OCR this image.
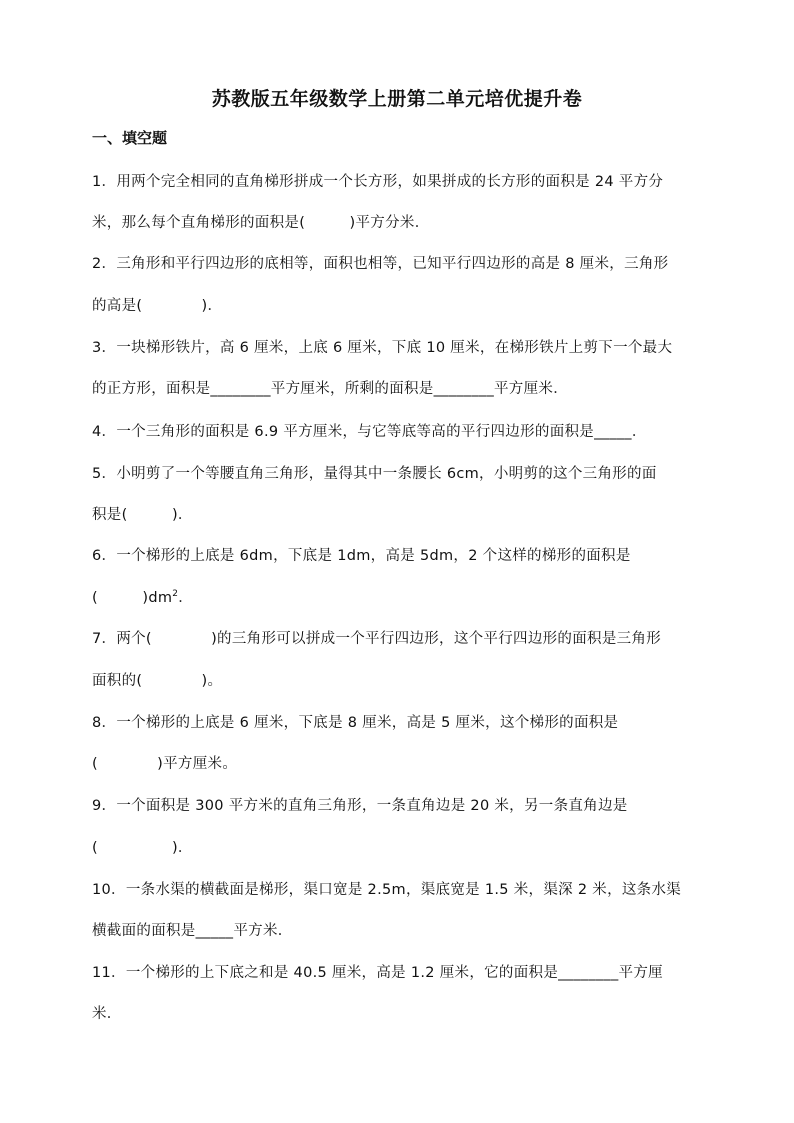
苏教版五年级数学上册第二单元培优提升卷
一、填空题
1．用两个完全相同的直角梯形拼成一个长方形，如果拼成的长方形的面积是 24 平方分
米，那么每个直角梯形的面积是(　　　)平方分米．
2．三角形和平行四边形的底相等，面积也相等，已知平行四边形的高是 8 厘米，三角形
的高是(　　　　)．
3．一块梯形铁片，高 6 厘米，上底 6 厘米，下底 10 厘米，在梯形铁片上剪下一个最大
的正方形，面积是________平方厘米，所剩的面积是________平方厘米．
4．一个三角形的面积是 6.9 平方厘米，与它等底等高的平行四边形的面积是_____．
5．小明剪了一个等腰直角三角形，量得其中一条腰长 6cm，小明剪的这个三角形的面
积是(　　　)．
6．一个梯形的上底是 6dm，下底是 1dm，高是 5dm，2 个这样的梯形的面积是
(　　　)$dm^2$．
7．两个(　　　　)的三角形可以拼成一个平行四边形，这个平行四边形的面积是三角形
面积的(　　　　)。
8．一个梯形的上底是 6 厘米，下底是 8 厘米，高是 5 厘米，这个梯形的面积是
(　　　　)平方厘米。
9．一个面积是 300 平方米的直角三角形，一条直角边是 20 米，另一条直角边是
(　　　　　)．
10．一条水渠的横截面是梯形，渠口宽是 2.5m，渠底宽是 1.5 米，渠深 2 米，这条水渠
横截面的面积是_____平方米．
11．一个梯形的上下底之和是 40.5 厘米，高是 1.2 厘米，它的面积是________平方厘
米．
